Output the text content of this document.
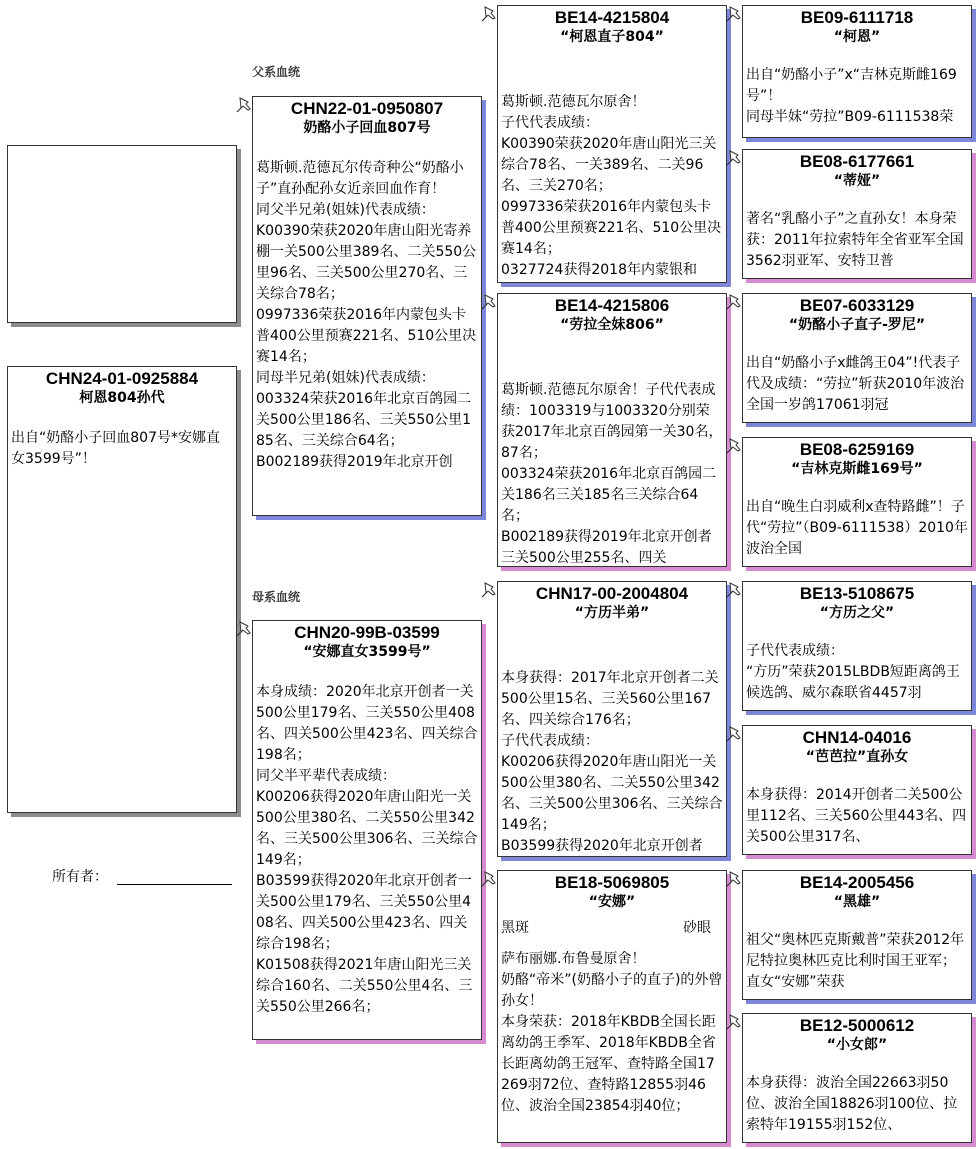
CHN24-01-0925884
柯恩804孙代
出自“奶酪小子回血807号*安娜直女3599号”！
所有者：
父系血统
母系血统
CHN22-01-0950807
奶酪小子回血807号
葛斯顿.范德瓦尔传奇种公“奶酪小子”直孙配孙女近亲回血作育！
同父半兄弟(姐妹)代表成绩：
K00390荣获2020年唐山阳光寄养棚一关500公里389名、二关550公里96名、三关500公里270名、三关综合78名；
0997336荣获2016年内蒙包头卡普400公里预赛221名、510公里决赛14名；
同母半兄弟(姐妹)代表成绩：
003324荣获2016年北京百鸽园二关500公里186名、三关550公里185名、三关综合64名；
B002189获得2019年北京开创
CHN20-99B-03599
“安娜直女3599号”
本身成绩：2020年北京开创者一关500公里179名、三关550公里408名、四关500公里423名、四关综合198名；
同父半平辈代表成绩：
K00206获得2020年唐山阳光一关500公里380名、二关550公里342名、三关500公里306名、三关综合149名；
B03599获得2020年北京开创者一关500公里179名、三关550公里408名、四关500公里423名、四关综合198名；
K01508获得2021年唐山阳光三关综合160名、二关550公里4名、三关550公里266名；
BE14-4215804
“柯恩直子804”
葛斯顿.范德瓦尔原舍！
子代代表成绩：
K00390荣获2020年唐山阳光三关综合78名、一关389名、二关96名、三关270名；
0997336荣获2016年内蒙包头卡普400公里预赛221名、510公里决赛14名；
0327724获得2018年内蒙银和
BE14-4215806
“劳拉全妹806”
葛斯顿.范德瓦尔原舍！子代代表成绩：1003319与1003320分别荣获2017年北京百鸽园第一关30名，87名；
003324荣获2016年北京百鸽园二关186名三关185名三关综合64名；
B002189获得2019年北京开创者三关500公里255名、四关
CHN17-00-2004804
“方历半弟”
本身获得：2017年北京开创者二关500公里15名、三关560公里167名、四关综合176名；
子代代表成绩：
K00206获得2020年唐山阳光一关500公里380名、二关550公里342名、三关500公里306名、三关综合149名；
B03599获得2020年北京开创者
BE18-5069805
“安娜”
黑斑	砂眼
萨布丽娜.布鲁曼原舍！
奶酪“帝米”(奶酪小子的直子)的外曾孙女！
本身荣获：2018年KBDB全国长距离幼鸽王季军、2018年KBDB全省长距离幼鸽王冠军、查特路全国17269羽72位、查特路12855羽46位、波治全国23854羽40位；
BE09-6111718
“柯恩”
出自“奶酪小子”x“吉林克斯雌169号”！
同母半妹“劳拉”B09-6111538荣
BE08-6177661
“蒂娅”
著名“乳酪小子”之直孙女！本身荣获：2011年拉索特年全省亚军全国3562羽亚军、安特卫普
BE07-6033129
“奶酪小子直子-罗尼”
出自“奶酪小子x雌鸽王04”!代表子代及成绩：“劳拉”斩获2010年波治全国一岁鸽17061羽冠
BE08-6259169
“吉林克斯雌169号”
出自“晚生白羽威利x查特路雌”！子代“劳拉”（B09-6111538）2010年波治全国
BE13-5108675
“方历之父”
子代代表成绩：
“方历”荣获2015LBDB短距离鸽王候选鸽、威尔森联省4457羽
CHN14-04016
“芭芭拉”直孙女
本身获得：2014开创者二关500公里112名、三关560公里443名、四关500公里317名、
BE14-2005456
“黑雄”
祖父“奥林匹克斯戴普”荣获2012年尼特拉奥林匹克比利时国王亚军；直女“安娜”荣获
BE12-5000612
“小女郎”
本身获得：波治全国22663羽50位、波治全国18826羽100位、拉索特年19155羽152位、
